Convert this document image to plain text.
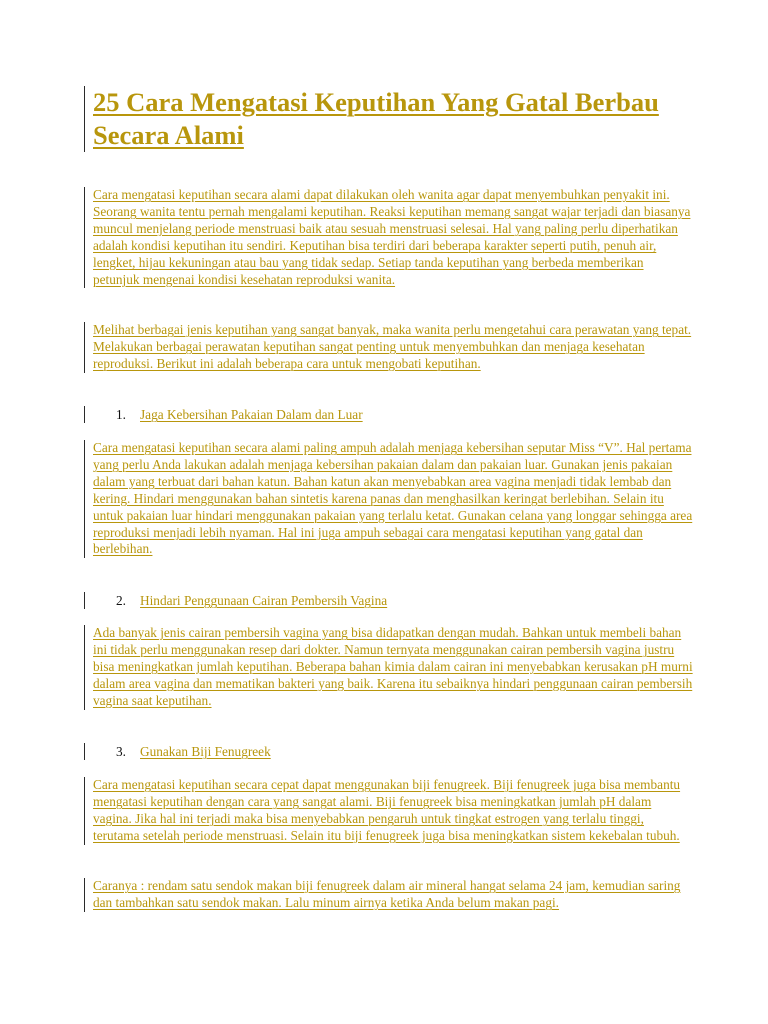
25 Cara Mengatasi Keputihan Yang Gatal Berbau Secara Alami

Cara mengatasi keputihan secara alami dapat dilakukan oleh wanita agar dapat menyembuhkan penyakit ini. Seorang wanita tentu pernah mengalami keputihan. Reaksi keputihan memang sangat wajar terjadi dan biasanya muncul menjelang periode menstruasi baik atau sesuah menstruasi selesai. Hal yang paling perlu diperhatikan adalah kondisi keputihan itu sendiri. Keputihan bisa terdiri dari beberapa karakter seperti putih, penuh air, lengket, hijau kekuningan atau bau yang tidak sedap. Setiap tanda keputihan yang berbeda memberikan petunjuk mengenai kondisi kesehatan reproduksi wanita.

Melihat berbagai jenis keputihan yang sangat banyak, maka wanita perlu mengetahui cara perawatan yang tepat. Melakukan berbagai perawatan keputihan sangat penting untuk menyembuhkan dan menjaga kesehatan reproduksi. Berikut ini adalah beberapa cara untuk mengobati keputihan.

1. Jaga Kebersihan Pakaian Dalam dan Luar

Cara mengatasi keputihan secara alami paling ampuh adalah menjaga kebersihan seputar Miss “V”. Hal pertama yang perlu Anda lakukan adalah menjaga kebersihan pakaian dalam dan pakaian luar. Gunakan jenis pakaian dalam yang terbuat dari bahan katun. Bahan katun akan menyebabkan area vagina menjadi tidak lembab dan kering. Hindari menggunakan bahan sintetis karena panas dan menghasilkan keringat berlebihan. Selain itu untuk pakaian luar hindari menggunakan pakaian yang terlalu ketat. Gunakan celana yang longgar sehingga area reproduksi menjadi lebih nyaman. Hal ini juga ampuh sebagai cara mengatasi keputihan yang gatal dan berlebihan.

2. Hindari Penggunaan Cairan Pembersih Vagina

Ada banyak jenis cairan pembersih vagina yang bisa didapatkan dengan mudah. Bahkan untuk membeli bahan ini tidak perlu menggunakan resep dari dokter. Namun ternyata menggunakan cairan pembersih vagina justru bisa meningkatkan jumlah keputihan. Beberapa bahan kimia dalam cairan ini menyebabkan kerusakan pH murni dalam area vagina dan mematikan bakteri yang baik. Karena itu sebaiknya hindari penggunaan cairan pembersih vagina saat keputihan.

3. Gunakan Biji Fenugreek

Cara mengatasi keputihan secara cepat dapat menggunakan biji fenugreek. Biji fenugreek juga bisa membantu mengatasi keputihan dengan cara yang sangat alami. Biji fenugreek bisa meningkatkan jumlah pH dalam vagina. Jika hal ini terjadi maka bisa menyebabkan pengaruh untuk tingkat estrogen yang terlalu tinggi, terutama setelah periode menstruasi. Selain itu biji fenugreek juga bisa meningkatkan sistem kekebalan tubuh.

Caranya : rendam satu sendok makan biji fenugreek dalam air mineral hangat selama 24 jam, kemudian saring dan tambahkan satu sendok makan. Lalu minum airnya ketika Anda belum makan pagi.
